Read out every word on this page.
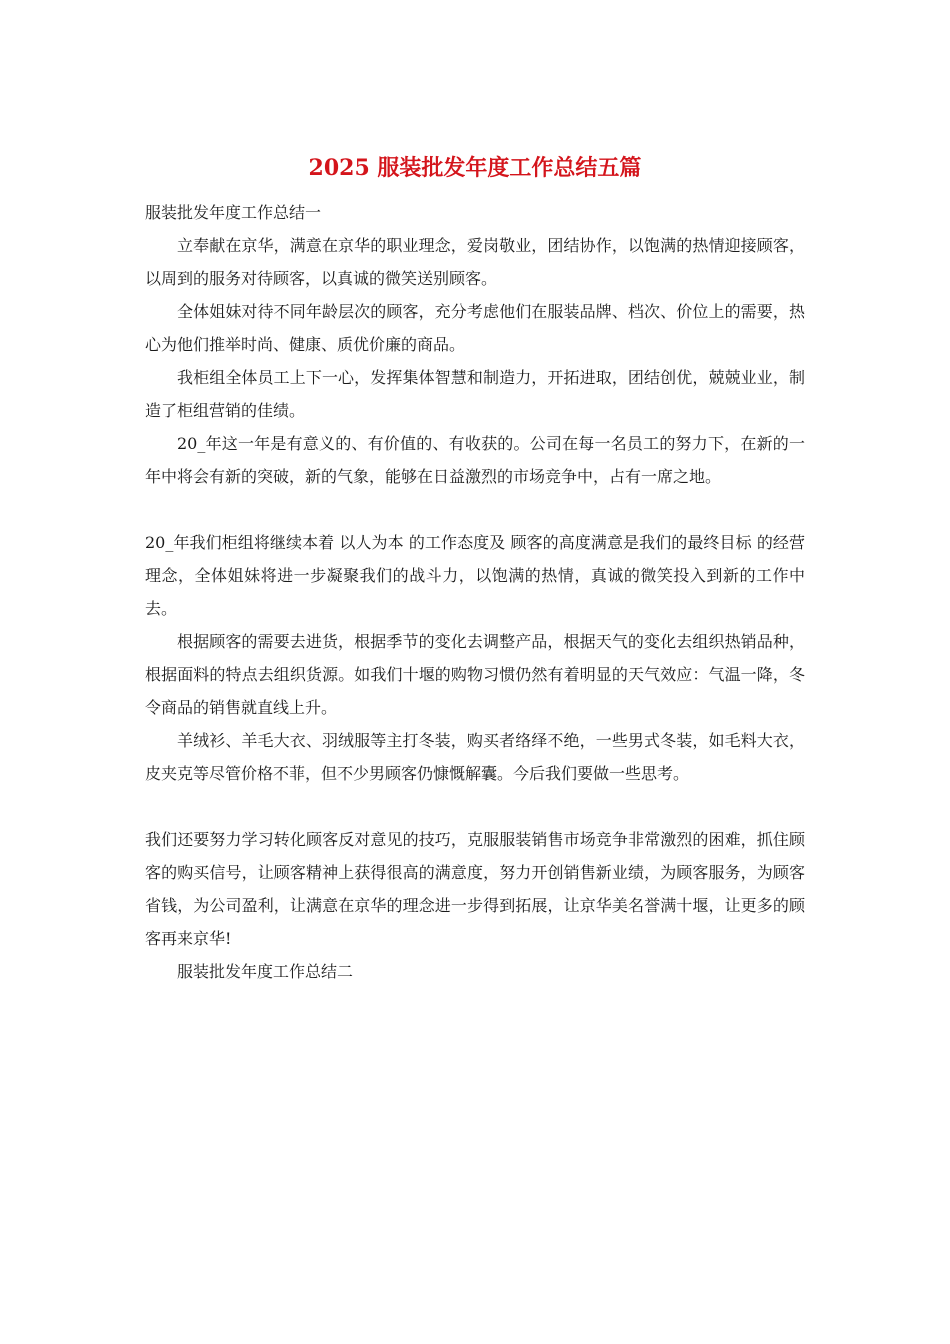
2025 服装批发年度工作总结五篇

服装批发年度工作总结一

立奉献在京华，满意在京华的职业理念，爱岗敬业，团结协作，以饱满的热情迎接顾客，以周到的服务对待顾客，以真诚的微笑送别顾客。

全体姐妹对待不同年龄层次的顾客，充分考虑他们在服装品牌、档次、价位上的需要，热心为他们推举时尚、健康、质优价廉的商品。

我柜组全体员工上下一心，发挥集体智慧和制造力，开拓进取，团结创优，兢兢业业，制造了柜组营销的佳绩。

20_年这一年是有意义的、有价值的、有收获的。公司在每一名员工的努力下，在新的一年中将会有新的突破，新的气象，能够在日益激烈的市场竞争中，占有一席之地。

20_年我们柜组将继续本着 以人为本 的工作态度及 顾客的高度满意是我们的最终目标 的经营理念，全体姐妹将进一步凝聚我们的战斗力，以饱满的热情，真诚的微笑投入到新的工作中去。

根据顾客的需要去进货，根据季节的变化去调整产品，根据天气的变化去组织热销品种，根据面料的特点去组织货源。如我们十堰的购物习惯仍然有着明显的天气效应：气温一降，冬令商品的销售就直线上升。

羊绒衫、羊毛大衣、羽绒服等主打冬装，购买者络绎不绝，一些男式冬装，如毛料大衣，皮夹克等尽管价格不菲，但不少男顾客仍慷慨解囊。今后我们要做一些思考。

我们还要努力学习转化顾客反对意见的技巧，克服服装销售市场竞争非常激烈的困难，抓住顾客的购买信号，让顾客精神上获得很高的满意度，努力开创销售新业绩，为顾客服务，为顾客省钱，为公司盈利，让满意在京华的理念进一步得到拓展，让京华美名誉满十堰，让更多的顾客再来京华!

服装批发年度工作总结二
